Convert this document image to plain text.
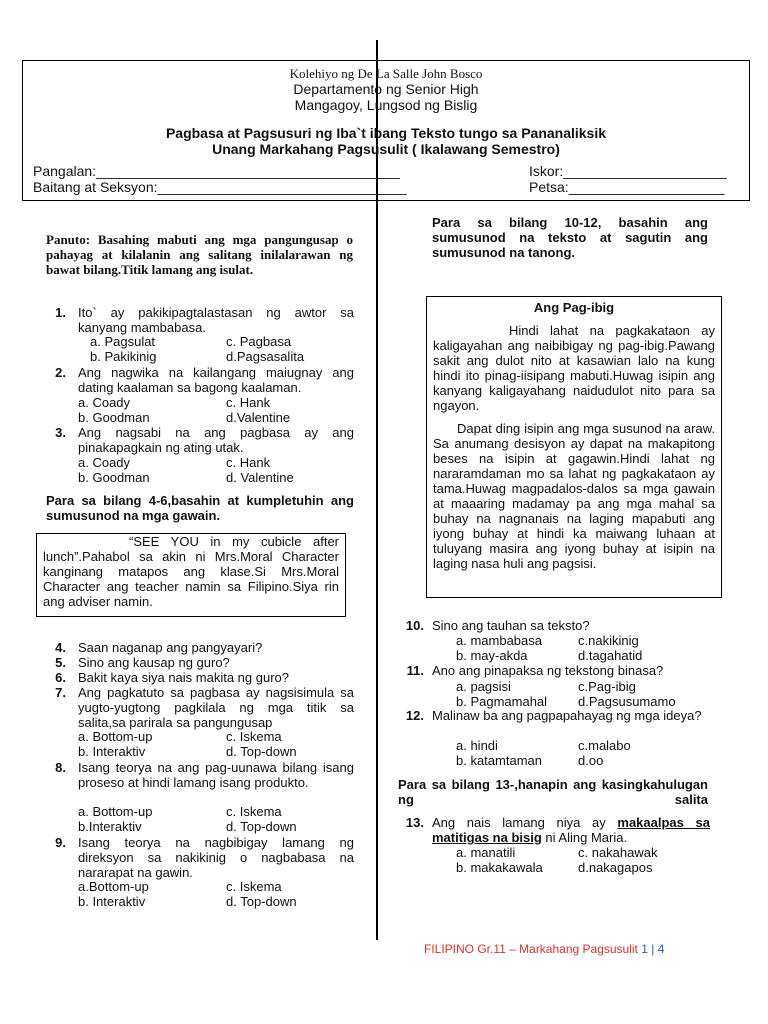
Kolehiyo ng De La Salle John Bosco
Departamento ng Senior High
Mangagoy, Lungsod ng Bislig
Pagbasa at Pagsusuri ng Iba`t ibang Teksto tungo sa Pananaliksik
Unang Markahang Pagsusulit ( Ikalawang Semestro)
Pangalan:_______________________________________
Baitang at Seksyon:________________________________
Iskor:_____________________
Petsa:____________________
Panuto: Basahing mabuti ang mga pangungusap o pahayag at kilalanin ang salitang inilalarawan ng bawat bilang.Titik lamang ang isulat.
1. Ito` ay pakikipagtalastasan ng awtor sa kanyang mambabasa.
a. Pagsulat	c. Pagbasa
b. Pakikinig	d.Pagsasalita
2. Ang nagwika na kailangang maiugnay ang dating kaalaman sa bagong kaalaman.
a. Coady	c. Hank
b. Goodman	d.Valentine
3. Ang nagsabi na ang pagbasa ay ang pinakapagkain ng ating utak.
a. Coady	c. Hank
b. Goodman	d. Valentine
Para sa bilang 4-6,basahin at kumpletuhin ang sumusunod na mga gawain.
“SEE YOU in my cubicle after lunch”.Pahabol sa akin ni Mrs.Moral Character kanginang matapos ang klase.Si Mrs.Moral Character ang teacher namin sa Filipino.Siya rin ang adviser namin.
4. Saan naganap ang pangyayari?
5. Sino ang kausap ng guro?
6. Bakit kaya siya nais makita ng guro?
7. Ang pagkatuto sa pagbasa ay nagsisimula sa yugto-yugtong pagkilala ng mga titik sa salita,sa parirala sa pangungusap
a. Bottom-up	c. Iskema
b. Interaktiv	d. Top-down
8. Isang teorya na ang pag-uunawa bilang isang proseso at hindi lamang isang produkto.
a. Bottom-up	c. Iskema
b.Interaktiv	d. Top-down
9. Isang teorya na nagbibigay lamang ng direksyon sa nakikinig o nagbabasa na nararapat na gawin.
a.Bottom-up	c. Iskema
b. Interaktiv	d. Top-down
Para sa bilang 10-12, basahin ang sumusunod na teksto at sagutin ang sumusunod na tanong.
Ang Pag-ibig
Hindi lahat na pagkakataon ay kaligayahan ang naibibigay ng pag-ibig.Pawang sakit ang dulot nito at kasawian lalo na kung hindi ito pinag-iisipang mabuti.Huwag isipin ang kanyang kaligayahang naidudulot nito para sa ngayon.
Dapat ding isipin ang mga susunod na araw. Sa anumang desisyon ay dapat na makapitong beses na isipin at gagawin.Hindi lahat ng nararamdaman mo sa lahat ng pagkakataon ay tama.Huwag magpadalos-dalos sa mga gawain at maaaring madamay pa ang mga mahal sa buhay na nagnanais na laging mapabuti ang iyong buhay at hindi ka maiwang luhaan at tuluyang masira ang iyong buhay at isipin na laging nasa huli ang pagsisi.
10. Sino ang tauhan sa teksto?
a. mambabasa	c.nakikinig
b. may-akda	d.tagahatid
11. Ano ang pinapaksa ng tekstong binasa?
a. pagsisi	c.Pag-ibig
b. Pagmamahal d.Pagsusumamo
12. Malinaw ba ang pagpapahayag ng mga ideya?
a. hindi	c.malabo
b. katamtaman	d.oo
Para sa bilang 13-,hanapin ang kasingkahulugan ng salita
13. Ang nais lamang niya ay makaalpas sa matitigas na bisig ni Aling Maria.
a. manatili	c. nakahawak
b. makakawala	d.nakagapos
FILIPINO Gr.11 – Markahang Pagsusulit 1 | 4
